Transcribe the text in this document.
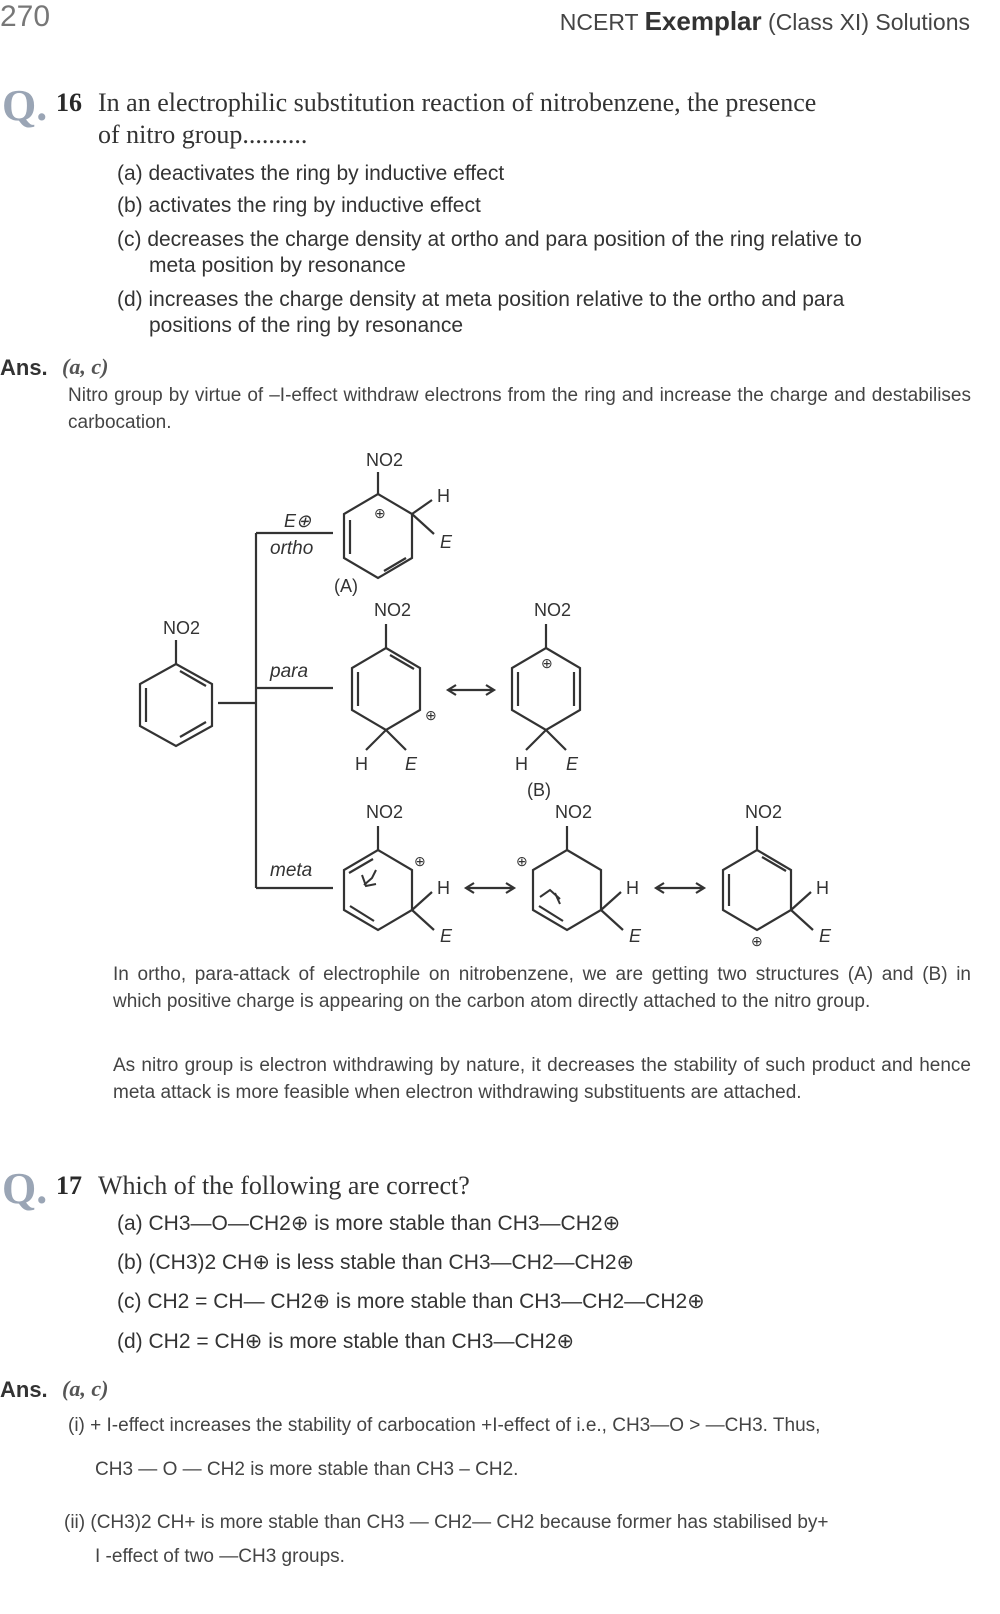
270	NCERT Exemplar (Class XI) Solutions
Q. 16 In an electrophilic substitution reaction of nitrobenzene, the presence
of nitro group..........
(a) deactivates the ring by inductive effect
(b) activates the ring by inductive effect
(c) decreases the charge density at ortho and para position of the ring relative to
meta position by resonance
(d) increases the charge density at meta position relative to the ortho and para
positions of the ring by resonance
Ans. (a, c)
Nitro group by virtue of –I-effect withdraw electrons from the ring and increase the charge and destabilises carbocation.
NO2
E⊕
ortho
para
meta
NO2
⊕
H
E
(A)
NO2
⊕
H E
NO2
⊕
H E
(B)
NO2
⊕
H
E
NO2
⊕
H
E
NO2
⊕
H
E
In ortho, para-attack of electrophile on nitrobenzene, we are getting two structures (A) and (B) in which positive charge is appearing on the carbon atom directly attached to the nitro group.
As nitro group is electron withdrawing by nature, it decreases the stability of such product and hence meta attack is more feasible when electron withdrawing substituents are attached.
Q. 17 Which of the following are correct?
(a) CH3—O—CH2⊕ is more stable than CH3—CH2⊕
(b) (CH3)2 CH⊕ is less stable than CH3—CH2—CH2⊕
(c) CH2 = CH— CH2⊕ is more stable than CH3—CH2—CH2⊕
(d) CH2 = CH⊕ is more stable than CH3—CH2⊕
Ans. (a, c)
(i) + I-effect increases the stability of carbocation +I-effect of i.e., CH3—O > —CH3. Thus,
CH3 — O — CH2 is more stable than CH3 – CH2.
(ii) (CH3)2 CH+ is more stable than CH3 — CH2— CH2 because former has stabilised by+
I -effect of two —CH3 groups.
